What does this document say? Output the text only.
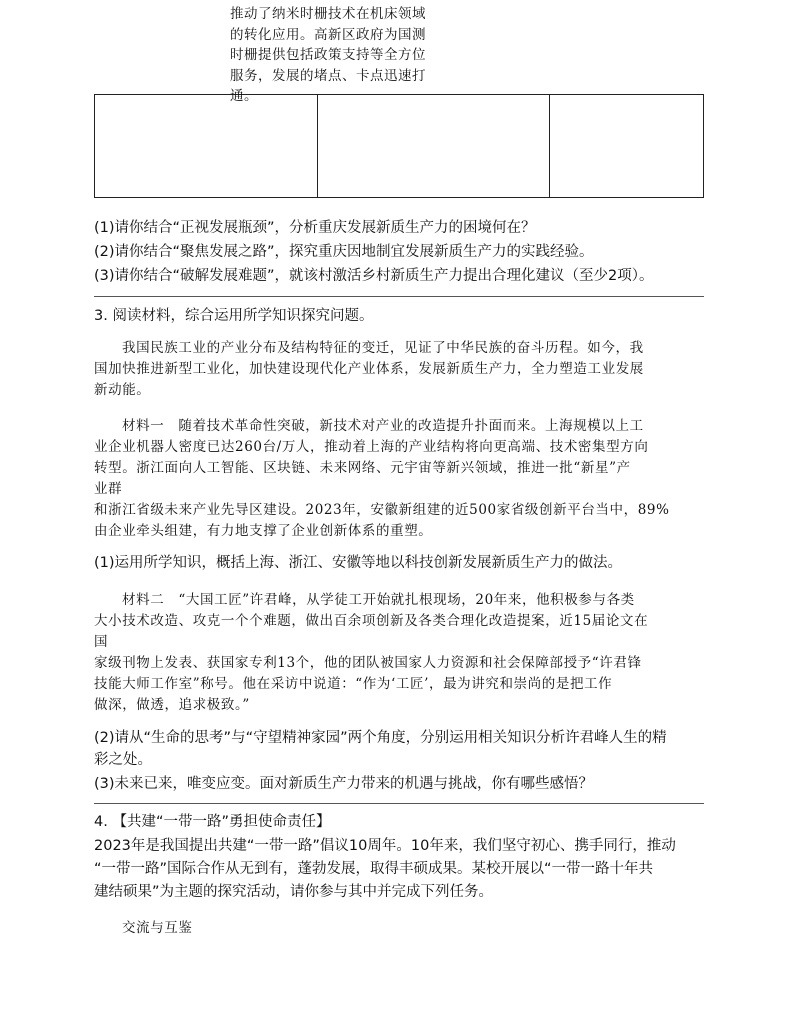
推动了纳米时栅技术在机床领域
的转化应用。高新区政府为国测
时栅提供包括政策支持等全方位
服务，发展的堵点、卡点迅速打
通。
(1)请你结合“正视发展瓶颈”，分析重庆发展新质生产力的困境何在？
(2)请你结合“聚焦发展之路”，探究重庆因地制宜发展新质生产力的实践经验。
(3)请你结合“破解发展难题”，就该村激活乡村新质生产力提出合理化建议（至少2项）。
3. 阅读材料，综合运用所学知识探究问题。

我国民族工业的产业分布及结构特征的变迁，见证了中华民族的奋斗历程。如今，我

国加快推进新型工业化，加快建设现代化产业体系，发展新质生产力，全力塑造工业发展

新动能。

材料一　随着技术革命性突破，新技术对产业的改造提升扑面而来。上海规模以上工

业企业机器人密度已达260台/万人，推动着上海的产业结构将向更高端、技术密集型方向

转型。浙江面向人工智能、区块链、未来网络、元宇宙等新兴领域，推进一批“新星”产

业群

和浙江省级未来产业先导区建设。2023年，安徽新组建的近500家省级创新平台当中，89%

由企业牵头组建，有力地支撑了企业创新体系的重塑。

(1)运用所学知识，概括上海、浙江、安徽等地以科技创新发展新质生产力的做法。

材料二　“大国工匠”许君峰，从学徒工开始就扎根现场，20年来，他积极参与各类

大小技术改造、攻克一个个难题，做出百余项创新及各类合理化改造提案，近15届论文在

国

家级刊物上发表、获国家专利13个，他的团队被国家人力资源和社会保障部授予“许君锋

技能大师工作室”称号。他在采访中说道：“作为‘工匠’，最为讲究和崇尚的是把工作

做深，做透，追求极致。”

(2)请从“生命的思考”与“守望精神家园”两个角度，分别运用相关知识分析许君峰人生的精
彩之处。
(3)未来已来，唯变应变。面对新质生产力带来的机遇与挑战，你有哪些感悟？
4. 【共建“一带一路”勇担使命责任】
2023年是我国提出共建“一带一路”倡议10周年。10年来，我们坚守初心、携手同行，推动
“一带一路”国际合作从无到有，蓬勃发展，取得丰硕成果。某校开展以“一带一路十年共
建结硕果”为主题的探究活动，请你参与其中并完成下列任务。
交流与互鉴
